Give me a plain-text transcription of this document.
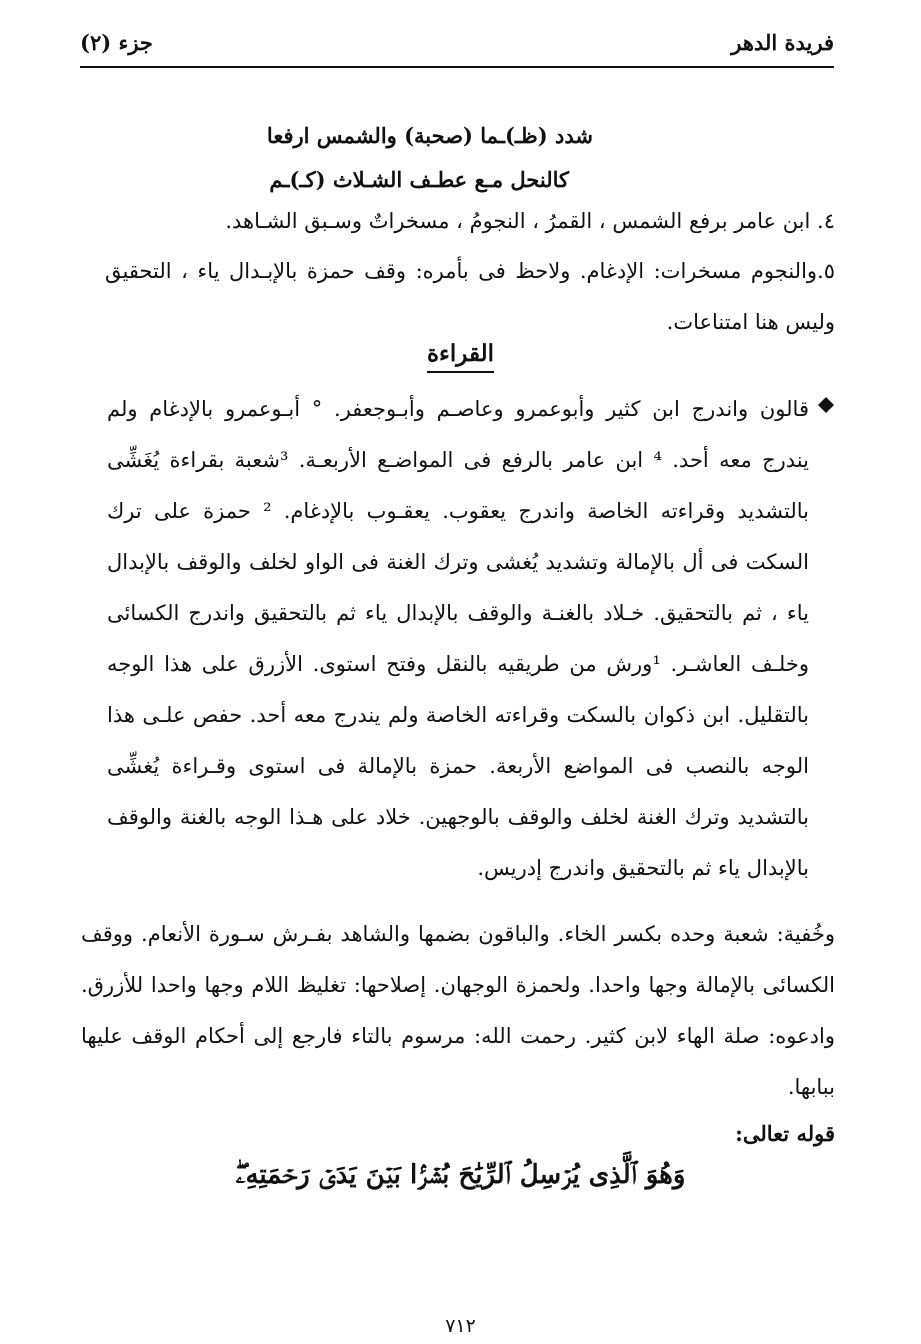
فريدة الدهر
جزء (٢)

شدد (ظـ)ـما (صحبة) والشمس ارفعا

كالنحل مـع عطـف الشـلاث (كـ)ـم

٤. ابن عامر برفع الشمس ، القمرُ ، النجومُ ، مسخراتٌ وسـبق الشـاهد.
٥.والنجوم مسخرات: الإدغام. ولاحظ فى بأمره: وقف حمزة بالإبـدال ياء ، التحقيق وليس هنا امتناعات.
القراءة
قالون واندرج ابن كثير وأبوعمرو وعاصـم وأبـوجعفر. ° أبـوعمرو بالإدغام ولم يندرج معه أحد. ⁴ ابن عامر بالرفع فى المواضـع الأربعـة. ³شعبة بقراءة يُغَشِّى بالتشديد وقراءته الخاصة واندرج يعقوب. يعقـوب بالإدغام. ² حمزة على ترك السكت فى أل بالإمالة وتشديد يُغشى وترك الغنة فى الواو لخلف والوقف بالإبدال ياء ، ثم بالتحقيق. خـلاد بالغنـة والوقف بالإبدال ياء ثم بالتحقيق واندرج الكسائى وخلـف العاشـر. ¹ورش من طريقيه بالنقل وفتح استوى. الأزرق على هذا الوجه بالتقليل. ابن ذكوان بالسكت وقراءته الخاصة ولم يندرج معه أحد. حفص علـى هذا الوجه بالنصب فى المواضع الأربعة. حمزة بالإمالة فى استوى وقـراءة يُغشِّى بالتشديد وترك الغنة لخلف والوقف بالوجهين. خلاد على هـذا الوجه بالغنة والوقف بالإبدال ياء ثم بالتحقيق واندرج إدريس.
وخُفية: شعبة وحده بكسر الخاء. والباقون بضمها والشاهد بفـرش سـورة الأنعام. ووقف الكسائى بالإمالة وجها واحدا. ولحمزة الوجهان. إصلاحها: تغليظ اللام وجها واحدا للأزرق. وادعوه: صلة الهاء لابن كثير. رحمت الله: مرسوم بالتاء فارجع إلى أحكام الوقف عليها ببابها.
قوله تعالى:
وَهُوَ ٱلَّذِى يُرۡسِلُ ٱلرِّيَٰحَ بُشۡرَۢا بَيۡنَ يَدَىۡ رَحۡمَتِهِۦۖ
٧١٢
